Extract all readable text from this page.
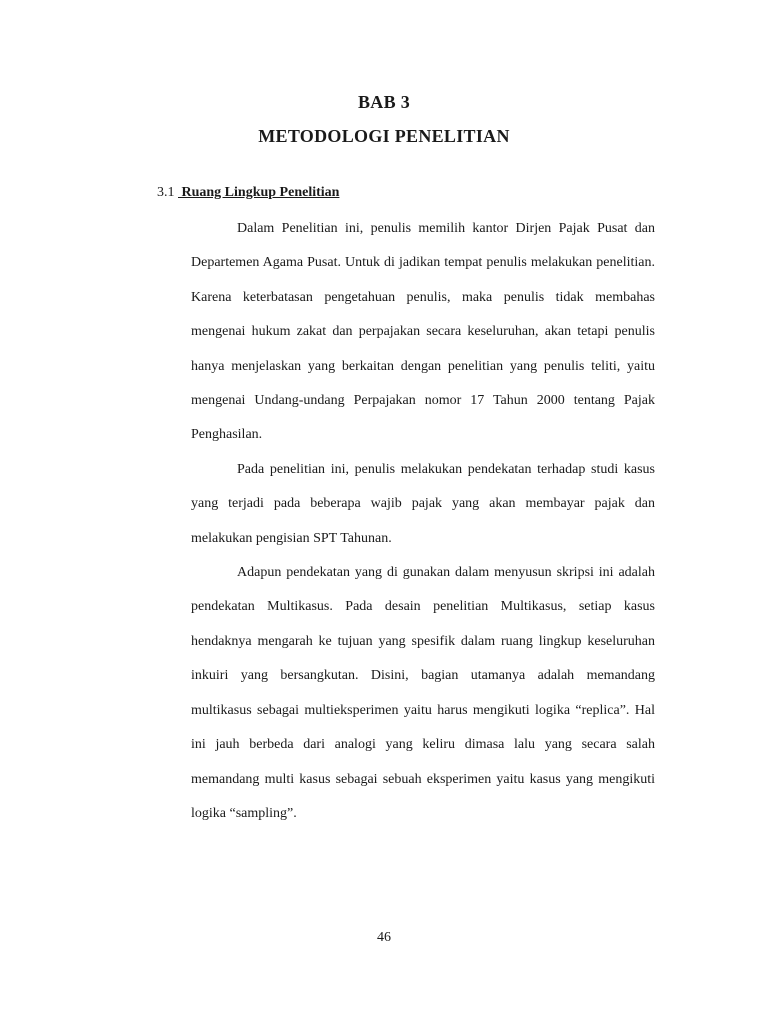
BAB 3
METODOLOGI PENELITIAN
3.1  Ruang Lingkup Penelitian

Dalam Penelitian ini, penulis memilih kantor Dirjen Pajak Pusat dan Departemen Agama Pusat. Untuk di jadikan tempat penulis melakukan penelitian. Karena keterbatasan pengetahuan penulis, maka penulis tidak membahas mengenai hukum zakat dan perpajakan secara keseluruhan, akan tetapi penulis hanya menjelaskan yang berkaitan dengan penelitian yang penulis teliti, yaitu mengenai Undang-undang Perpajakan nomor 17 Tahun 2000 tentang Pajak Penghasilan.

Pada penelitian ini, penulis melakukan pendekatan terhadap studi kasus yang terjadi pada beberapa wajib pajak yang akan membayar pajak dan melakukan pengisian SPT Tahunan.

Adapun pendekatan yang di gunakan dalam menyusun skripsi ini adalah pendekatan Multikasus. Pada desain penelitian Multikasus, setiap kasus hendaknya mengarah ke tujuan yang spesifik dalam ruang lingkup keseluruhan inkuiri yang bersangkutan. Disini, bagian utamanya adalah memandang multikasus sebagai multieksperimen yaitu harus mengikuti logika “replica”. Hal ini jauh berbeda dari analogi yang keliru dimasa lalu yang secara salah memandang multi kasus sebagai sebuah eksperimen yaitu kasus yang mengikuti logika “sampling”.

46
